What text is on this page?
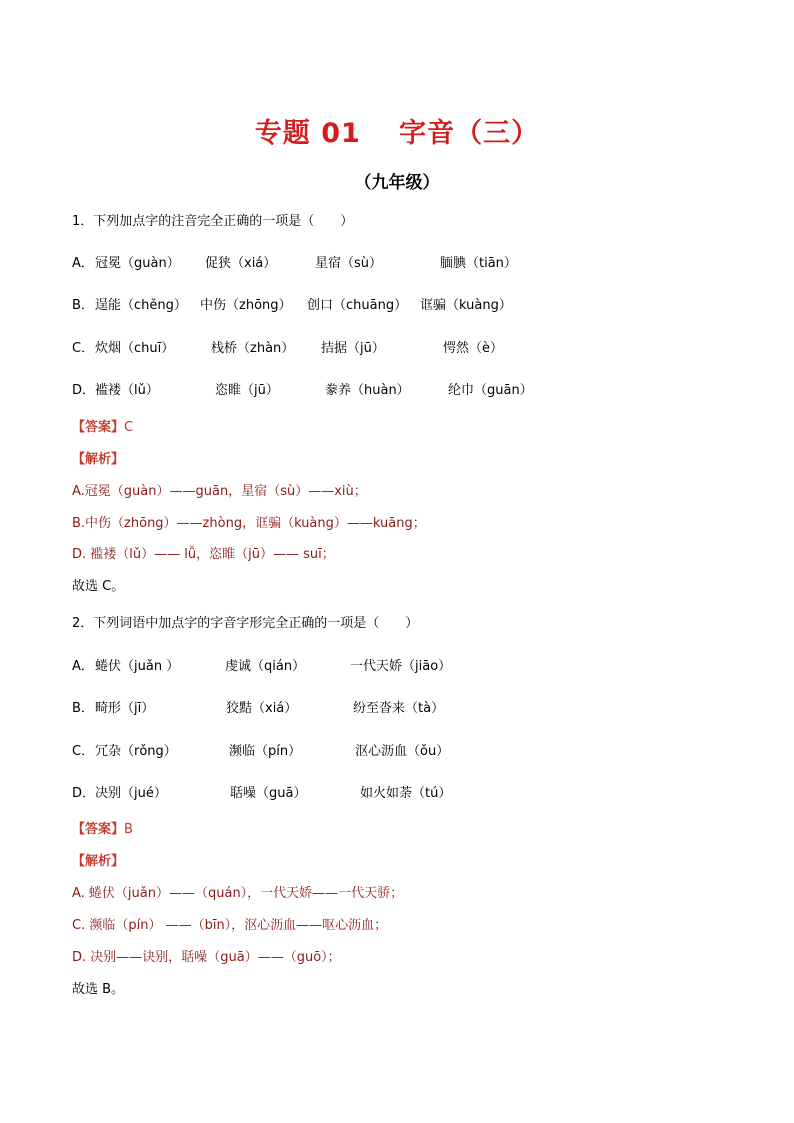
专题 01　 字音（三）
（九年级）
1．下列加点字的注音完全正确的一项是（　　）
A． 冠冕（guàn） 促狭（xiá）	星宿（sù）	腼腆（tiān）
B． 逞能（chěng） 中伤（zhōng） 创口（chuāng） 诓骗（kuàng）
C． 炊烟（chuī）	栈桥（zhàn） 拮据（jū）	愕然（è）
D． 褴褛（lǔ）	恣睢（jū）	豢养（huàn）	纶巾（guān）
【答案】C
【解析】
A.冠冕（guàn）——guān，星宿（sù）——xiù；
B.中伤（zhōng）——zhòng，诓骗（kuàng）——kuāng；
D. 褴褛（lǔ）—— lǚ，恣睢（jū）—— suī；
故选 C。
2．下列词语中加点字的字音字形完全正确的一项是（　　）
A． 蜷伏（juǎn ）	虔诚（qián）	一代天娇（jiāo）
B． 畸形（jī）	狡黠（xiá）	纷至沓来（tà）
C． 冗杂（rǒng）	濒临（pín）	沤心沥血（ǒu）
D． 决别（jué）	聒噪（guā）	如火如荼（tú）
【答案】B
【解析】
A. 蜷伏（juǎn）——（quán），一代天娇——一代天骄；
C. 濒临（pín） ——（bīn），沤心沥血——呕心沥血；
D. 决别——诀别，聒噪（guā）——（guō）；
故选 B。
